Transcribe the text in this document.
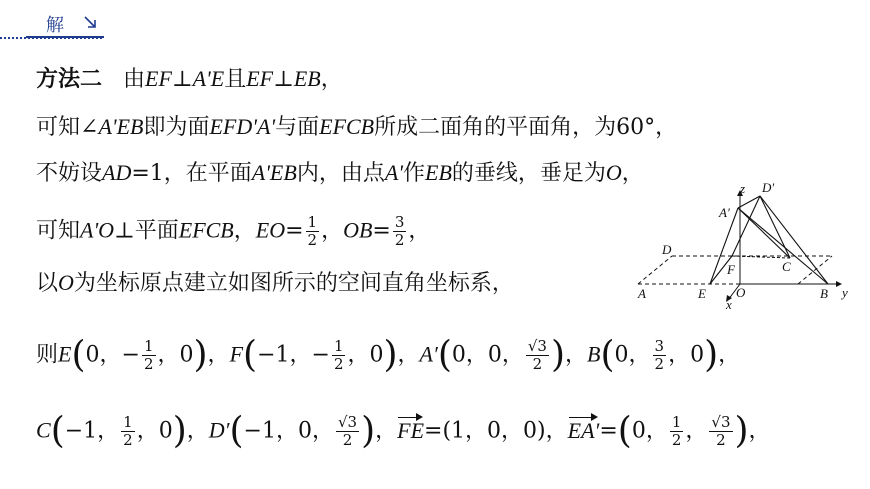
解
方法二 由EF⊥A'E且EF⊥EB，
可知∠A'EB即为面EFD'A'与面EFCB所成二面角的平面角，为60°，
不妨设AD=1，在平面A'EB内，由点A'作EB的垂线，垂足为O，
可知A'O⊥平面EFCB，$EO= \frac{1}{2}$ ，$OB= \frac{3}{2}$ ，
以O为坐标原点建立如图所示的空间直角坐标系，
则E(0，− $\frac{1}{2}$ ，0)，F(−1，− $\frac{1}{2}$ ，0)，A′(0，0， $\frac{√3}{2}$ )，B(0， $\frac{3}{2}$ ，0)，
C(−1， $\frac{1}{2}$ ，0)，D′(−1，0， $\frac{√3}{2}$ )，FE=(1，0，0)，EA′=(0， $\frac{1}{2}$ ， $\frac{√3}{2}$ )，
z D′
A′
D
F	C
A	E O	B y
x
